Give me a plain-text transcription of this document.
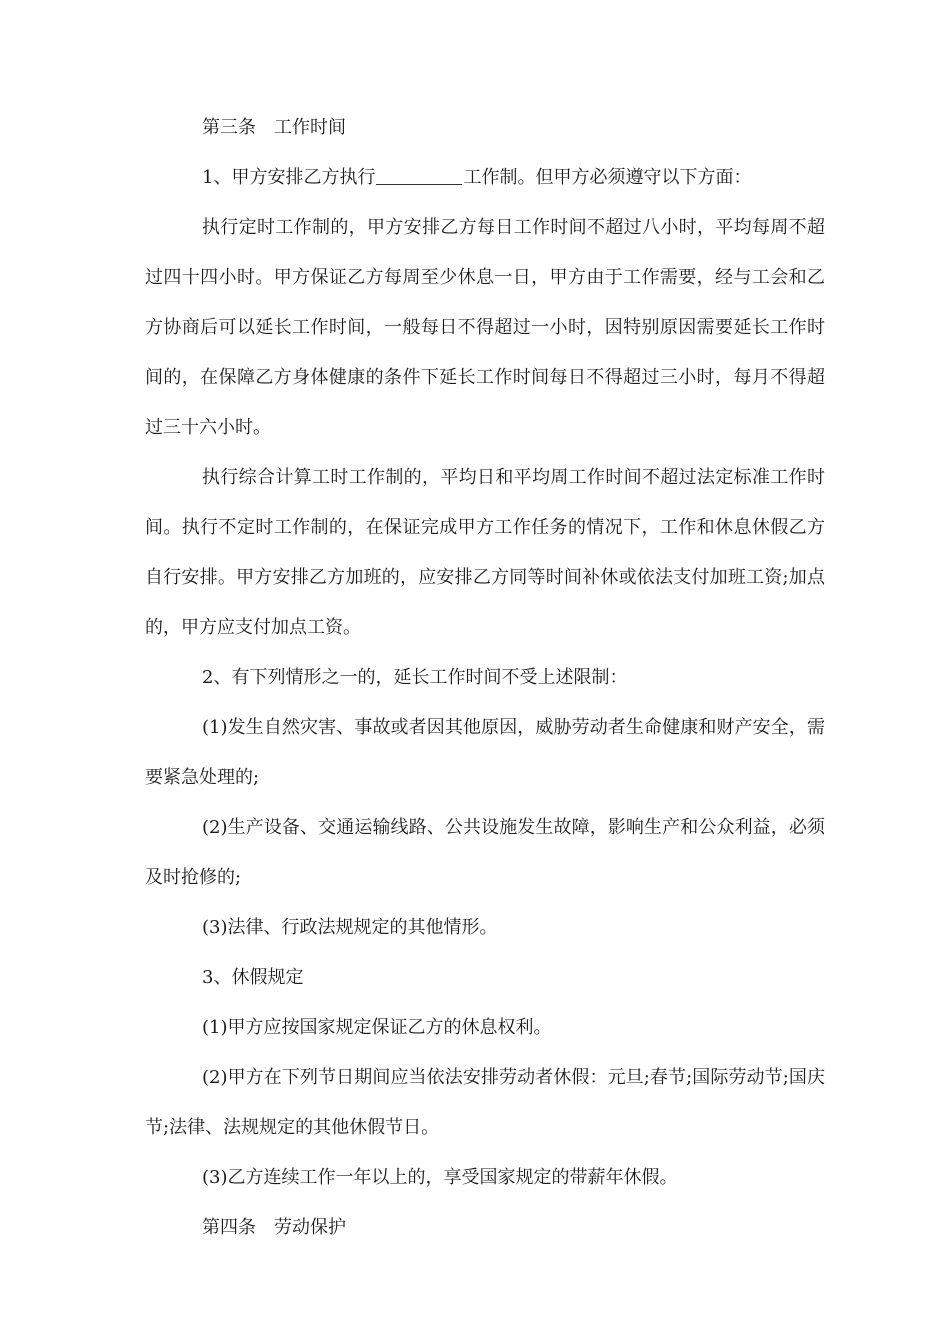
第三条　工作时间

1、甲方安排乙方执行	工作制。但甲方必须遵守以下方面：

执行定时工作制的，甲方安排乙方每日工作时间不超过八小时，平均每周不超过四十四小时。甲方保证乙方每周至少休息一日，甲方由于工作需要，经与工会和乙方协商后可以延长工作时间，一般每日不得超过一小时，因特别原因需要延长工作时间的，在保障乙方身体健康的条件下延长工作时间每日不得超过三小时，每月不得超过三十六小时。

执行综合计算工时工作制的，平均日和平均周工作时间不超过法定标准工作时间。执行不定时工作制的，在保证完成甲方工作任务的情况下，工作和休息休假乙方自行安排。甲方安排乙方加班的，应安排乙方同等时间补休或依法支付加班工资;加点的，甲方应支付加点工资。

2、有下列情形之一的，延长工作时间不受上述限制：

(1)发生自然灾害、事故或者因其他原因，威胁劳动者生命健康和财产安全，需要紧急处理的;

(2)生产设备、交通运输线路、公共设施发生故障，影响生产和公众利益，必须及时抢修的;

(3)法律、行政法规规定的其他情形。

3、休假规定

(1)甲方应按国家规定保证乙方的休息权利。

(2)甲方在下列节日期间应当依法安排劳动者休假：元旦;春节;国际劳动节;国庆节;法律、法规规定的其他休假节日。

(3)乙方连续工作一年以上的，享受国家规定的带薪年休假。

第四条　劳动保护
